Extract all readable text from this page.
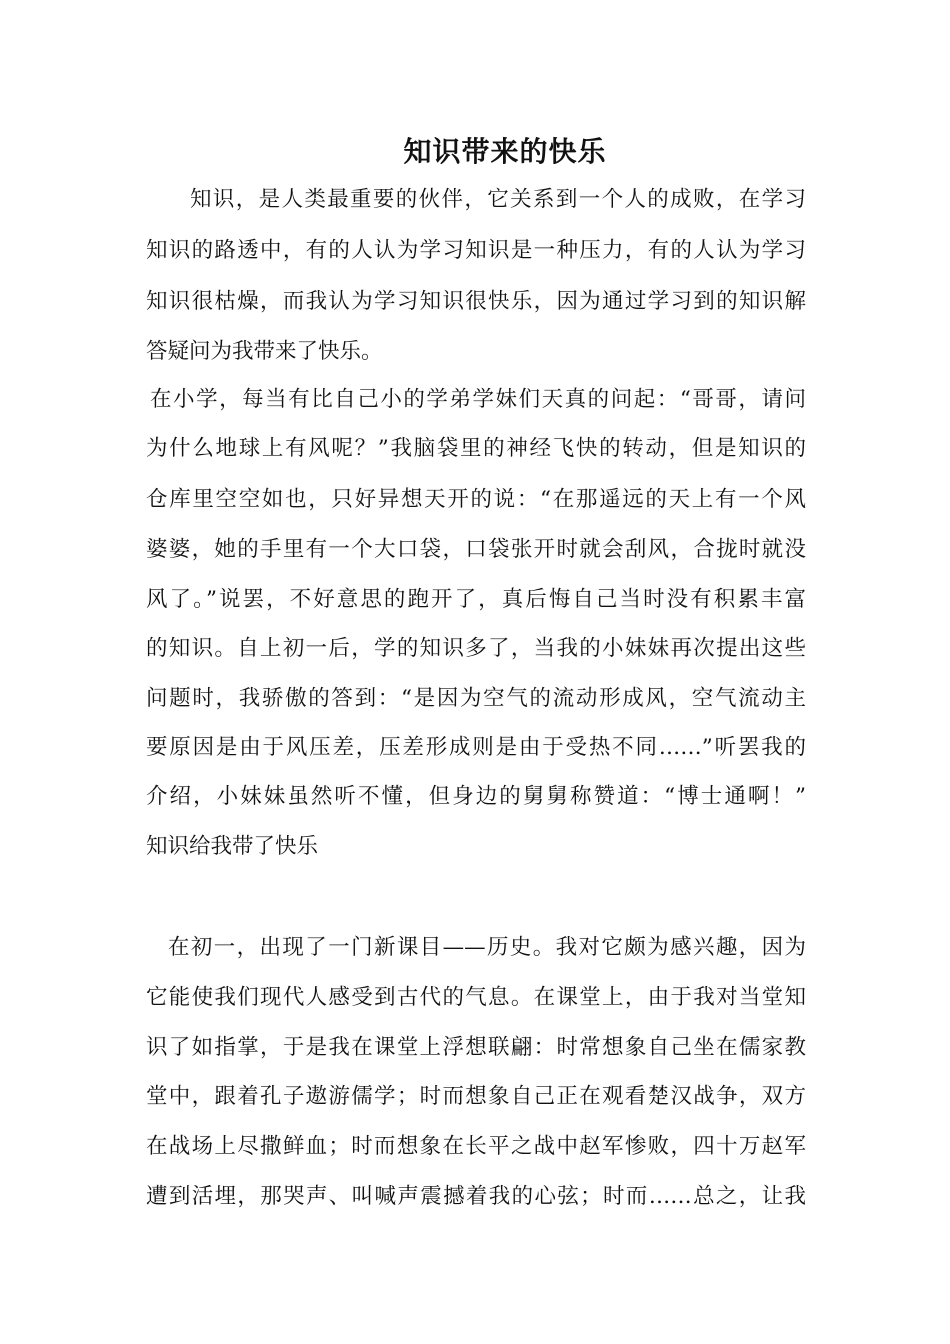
知识带来的快乐
知识，是人类最重要的伙伴，它关系到一个人的成败，在学习
知识的路透中，有的人认为学习知识是一种压力，有的人认为学习
知识很枯燥，而我认为学习知识很快乐，因为通过学习到的知识解
答疑问为我带来了快乐。
在小学，每当有比自己小的学弟学妹们天真的问起：“哥哥，请问
为什么地球上有风呢？”我脑袋里的神经飞快的转动，但是知识的
仓库里空空如也，只好异想天开的说：“在那遥远的天上有一个风
婆婆，她的手里有一个大口袋，口袋张开时就会刮风，合拢时就没
风了。”说罢，不好意思的跑开了，真后悔自己当时没有积累丰富
的知识。自上初一后，学的知识多了，当我的小妹妹再次提出这些
问题时，我骄傲的答到：“是因为空气的流动形成风，空气流动主
要原因是由于风压差，压差形成则是由于受热不同……”听罢我的
介绍，小妹妹虽然听不懂，但身边的舅舅称赞道：“博士通啊！”
知识给我带了快乐
在初一，出现了一门新课目——历史。我对它颇为感兴趣，因为
它能使我们现代人感受到古代的气息。在课堂上，由于我对当堂知
识了如指掌，于是我在课堂上浮想联翩：时常想象自己坐在儒家教
堂中，跟着孔子遨游儒学；时而想象自己正在观看楚汉战争，双方
在战场上尽撒鲜血；时而想象在长平之战中赵军惨败，四十万赵军
遭到活埋，那哭声、叫喊声震撼着我的心弦；时而……总之，让我
